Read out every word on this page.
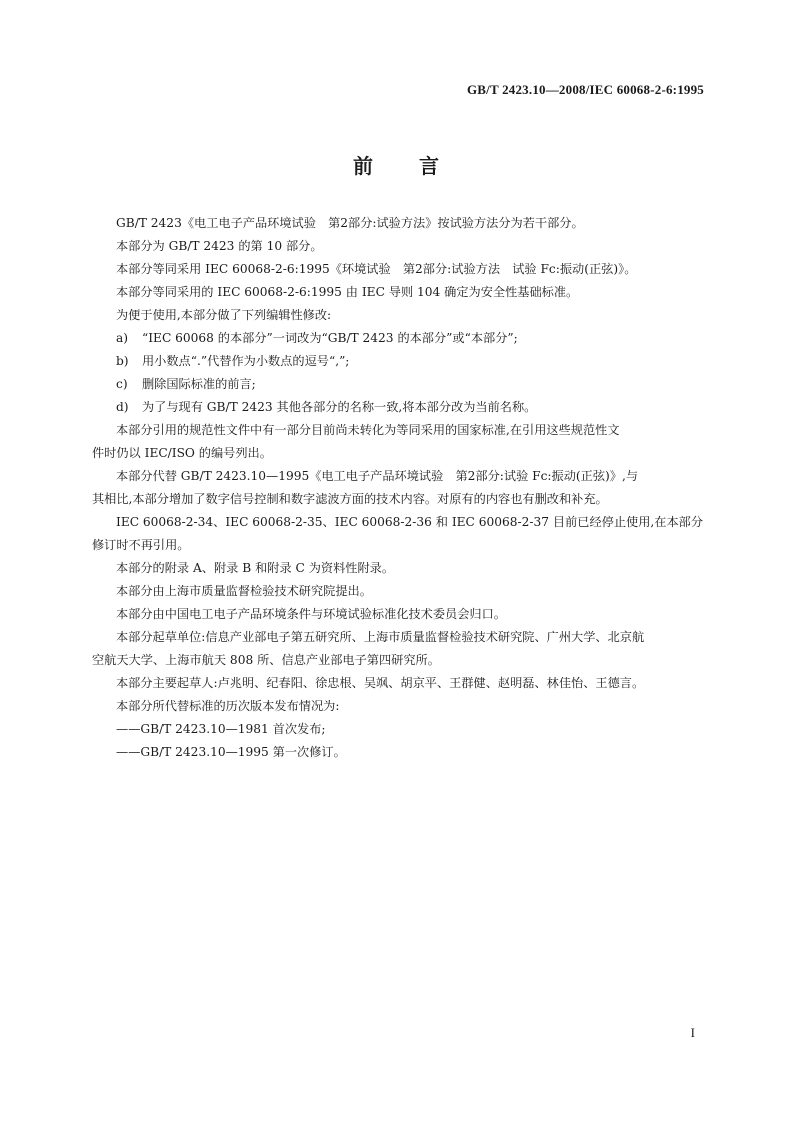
GB/T 2423.10—2008/IEC 60068-2-6:1995
前 言

GB/T 2423《电工电子产品环境试验　第2部分:试验方法》按试验方法分为若干部分。

本部分为 GB/T 2423 的第 10 部分。

本部分等同采用 IEC 60068-2-6:1995《环境试验　第2部分:试验方法　试验 Fc:振动(正弦)》。

本部分等同采用的 IEC 60068-2-6:1995 由 IEC 导则 104 确定为安全性基础标准。

为便于使用,本部分做了下列编辑性修改:

a)	“IEC 60068 的本部分”一词改为“GB/T 2423 的本部分”或“本部分”;
b)	用小数点“.”代替作为小数点的逗号“,”;
c)	删除国际标准的前言;
d)	为了与现有 GB/T 2423 其他各部分的名称一致,将本部分改为当前名称。

本部分引用的规范性文件中有一部分目前尚未转化为等同采用的国家标准,在引用这些规范性文

件时仍以 IEC/ISO 的编号列出。

本部分代替 GB/T 2423.10—1995《电工电子产品环境试验　第2部分:试验 Fc:振动(正弦)》,与

其相比,本部分增加了数字信号控制和数字滤波方面的技术内容。对原有的内容也有删改和补充。

IEC 60068-2-34、IEC 60068-2-35、IEC 60068-2-36 和 IEC 60068-2-37 目前已经停止使用,在本部分

修订时不再引用。

本部分的附录 A、附录 B 和附录 C 为资料性附录。

本部分由上海市质量监督检验技术研究院提出。

本部分由中国电工电子产品环境条件与环境试验标准化技术委员会归口。

本部分起草单位:信息产业部电子第五研究所、上海市质量监督检验技术研究院、广州大学、北京航

空航天大学、上海市航天 808 所、信息产业部电子第四研究所。

本部分主要起草人:卢兆明、纪春阳、徐忠根、吴飒、胡京平、王群健、赵明磊、林佳怡、王德言。

本部分所代替标准的历次版本发布情况为:

——GB/T 2423.10—1981 首次发布;

——GB/T 2423.10—1995 第一次修订。

I
